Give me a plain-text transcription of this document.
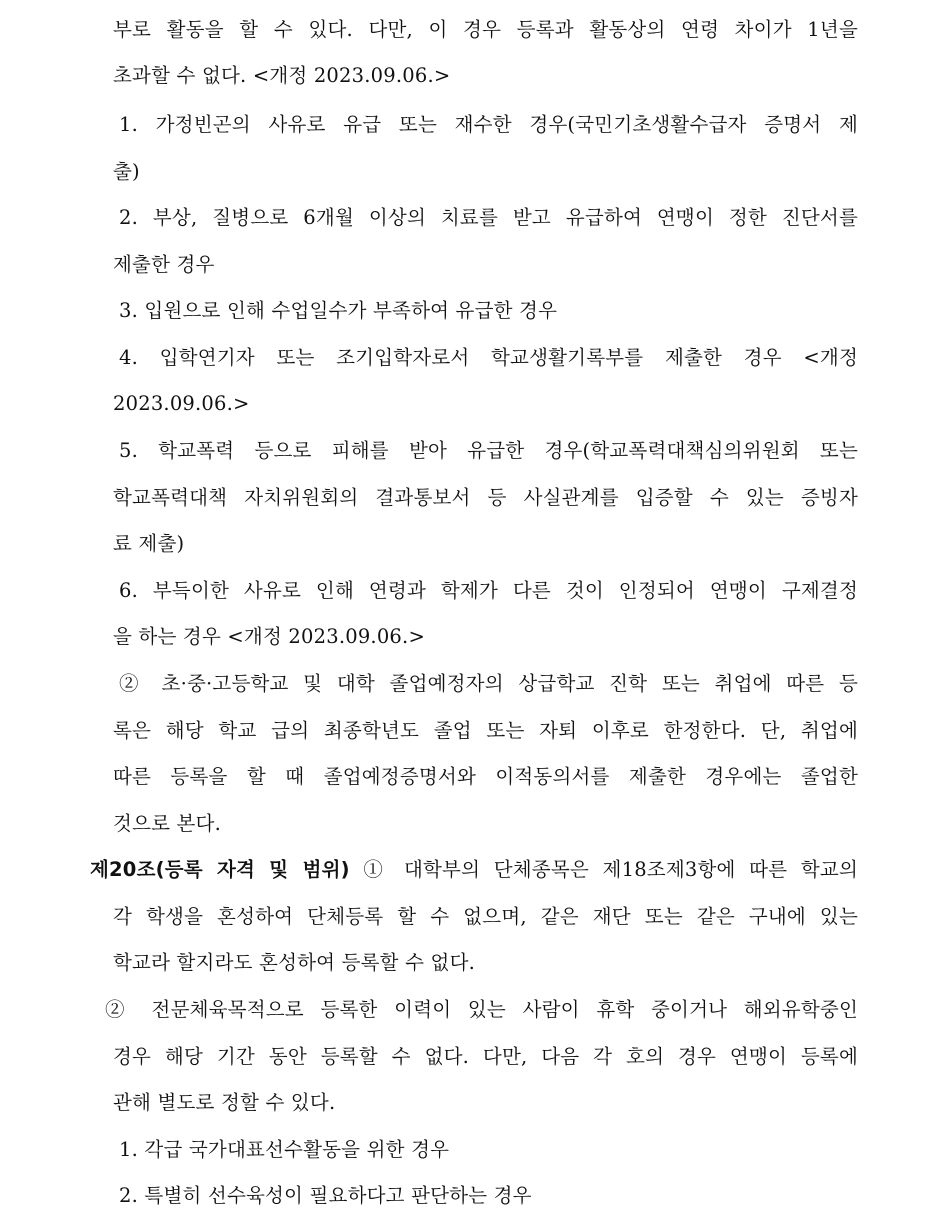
부로 활동을 할 수 있다. 다만, 이 경우 등록과 활동상의 연령 차이가 1년을
초과할 수 없다. <개정 2023.09.06.>
1. 가정빈곤의 사유로 유급 또는 재수한 경우(국민기초생활수급자 증명서 제
출)
2. 부상, 질병으로 6개월 이상의 치료를 받고 유급하여 연맹이 정한 진단서를
제출한 경우
3. 입원으로 인해 수업일수가 부족하여 유급한 경우
4. 입학연기자 또는 조기입학자로서 학교생활기록부를 제출한 경우 <개정
2023.09.06.>
5. 학교폭력 등으로 피해를 받아 유급한 경우(학교폭력대책심의위원회 또는
학교폭력대책 자치위원회의 결과통보서 등 사실관계를 입증할 수 있는 증빙자
료 제출)
6. 부득이한 사유로 인해 연령과 학제가 다른 것이 인정되어 연맹이 구제결정
을 하는 경우 <개정 2023.09.06.>
② 초·중·고등학교 및 대학 졸업예정자의 상급학교 진학 또는 취업에 따른 등
록은 해당 학교 급의 최종학년도 졸업 또는 자퇴 이후로 한정한다. 단, 취업에
따른 등록을 할 때 졸업예정증명서와 이적동의서를 제출한 경우에는 졸업한
것으로 본다.
제20조(등록 자격 및 범위) ① 대학부의 단체종목은 제18조제3항에 따른 학교의
각 학생을 혼성하여 단체등록 할 수 없으며, 같은 재단 또는 같은 구내에 있는
학교라 할지라도 혼성하여 등록할 수 없다.
② 전문체육목적으로 등록한 이력이 있는 사람이 휴학 중이거나 해외유학중인
경우 해당 기간 동안 등록할 수 없다. 다만, 다음 각 호의 경우 연맹이 등록에
관해 별도로 정할 수 있다.
1. 각급 국가대표선수활동을 위한 경우
2. 특별히 선수육성이 필요하다고 판단하는 경우
